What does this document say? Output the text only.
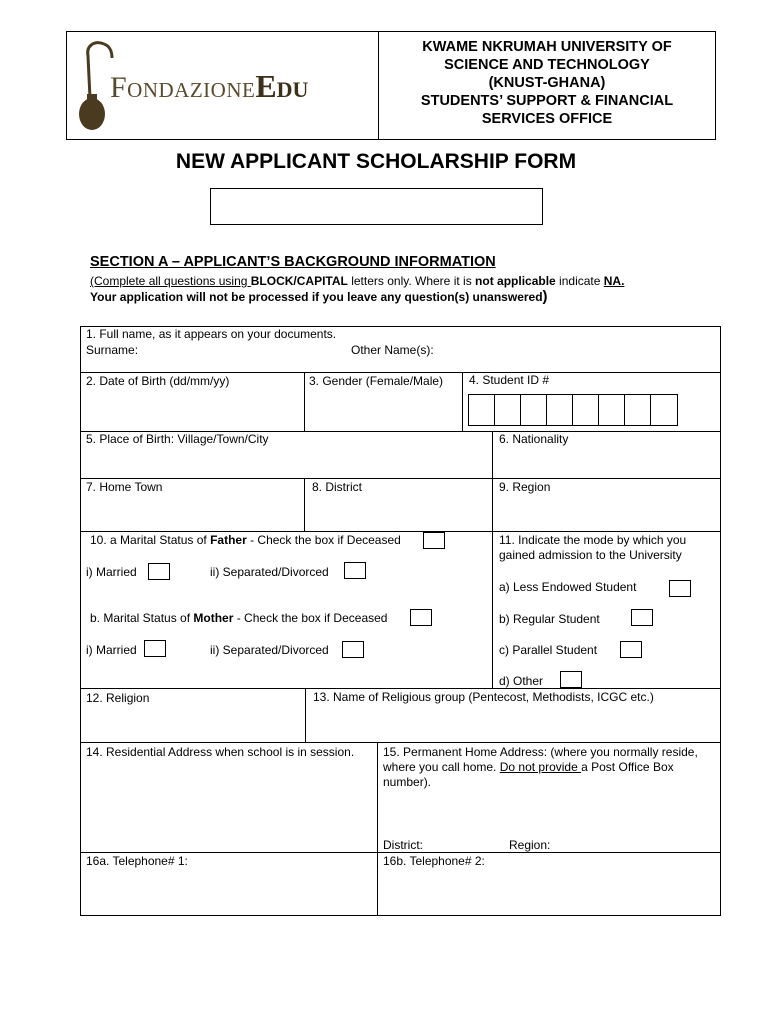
FondazioneEdu
KWAME NKRUMAH UNIVERSITY OF
SCIENCE AND TECHNOLOGY
(KNUST-GHANA)
STUDENTS’ SUPPORT & FINANCIAL
SERVICES OFFICE
NEW APPLICANT SCHOLARSHIP FORM
SECTION A – APPLICANT’S BACKGROUND INFORMATION
(Complete all questions using BLOCK/CAPITAL letters only. Where it is not applicable indicate NA.
Your application will not be processed if you leave any question(s) unanswered)
1. Full name, as it appears on your documents.
Surname:	Other Name(s):
2. Date of Birth (dd/mm/yy)	3. Gender (Female/Male) 4. Student ID #
5. Place of Birth: Village/Town/City	6. Nationality
7. Home Town	8. District	9. Region
10. a Marital Status of Father - Check the box if Deceased
i) Married	ii) Separated/Divorced
b. Marital Status of Mother - Check the box if Deceased
i) Married	ii) Separated/Divorced
11. Indicate the mode by which you
gained admission to the University
a) Less Endowed Student
b) Regular Student
c) Parallel Student
d) Other
12. Religion	13. Name of Religious group (Pentecost, Methodists, ICGC etc.)
14. Residential Address when school is in session. 15. Permanent Home Address: (where you normally reside,
where you call home. Do not provide a Post Office Box
number).
District:	Region:
16a. Telephone# 1:	16b. Telephone# 2:
